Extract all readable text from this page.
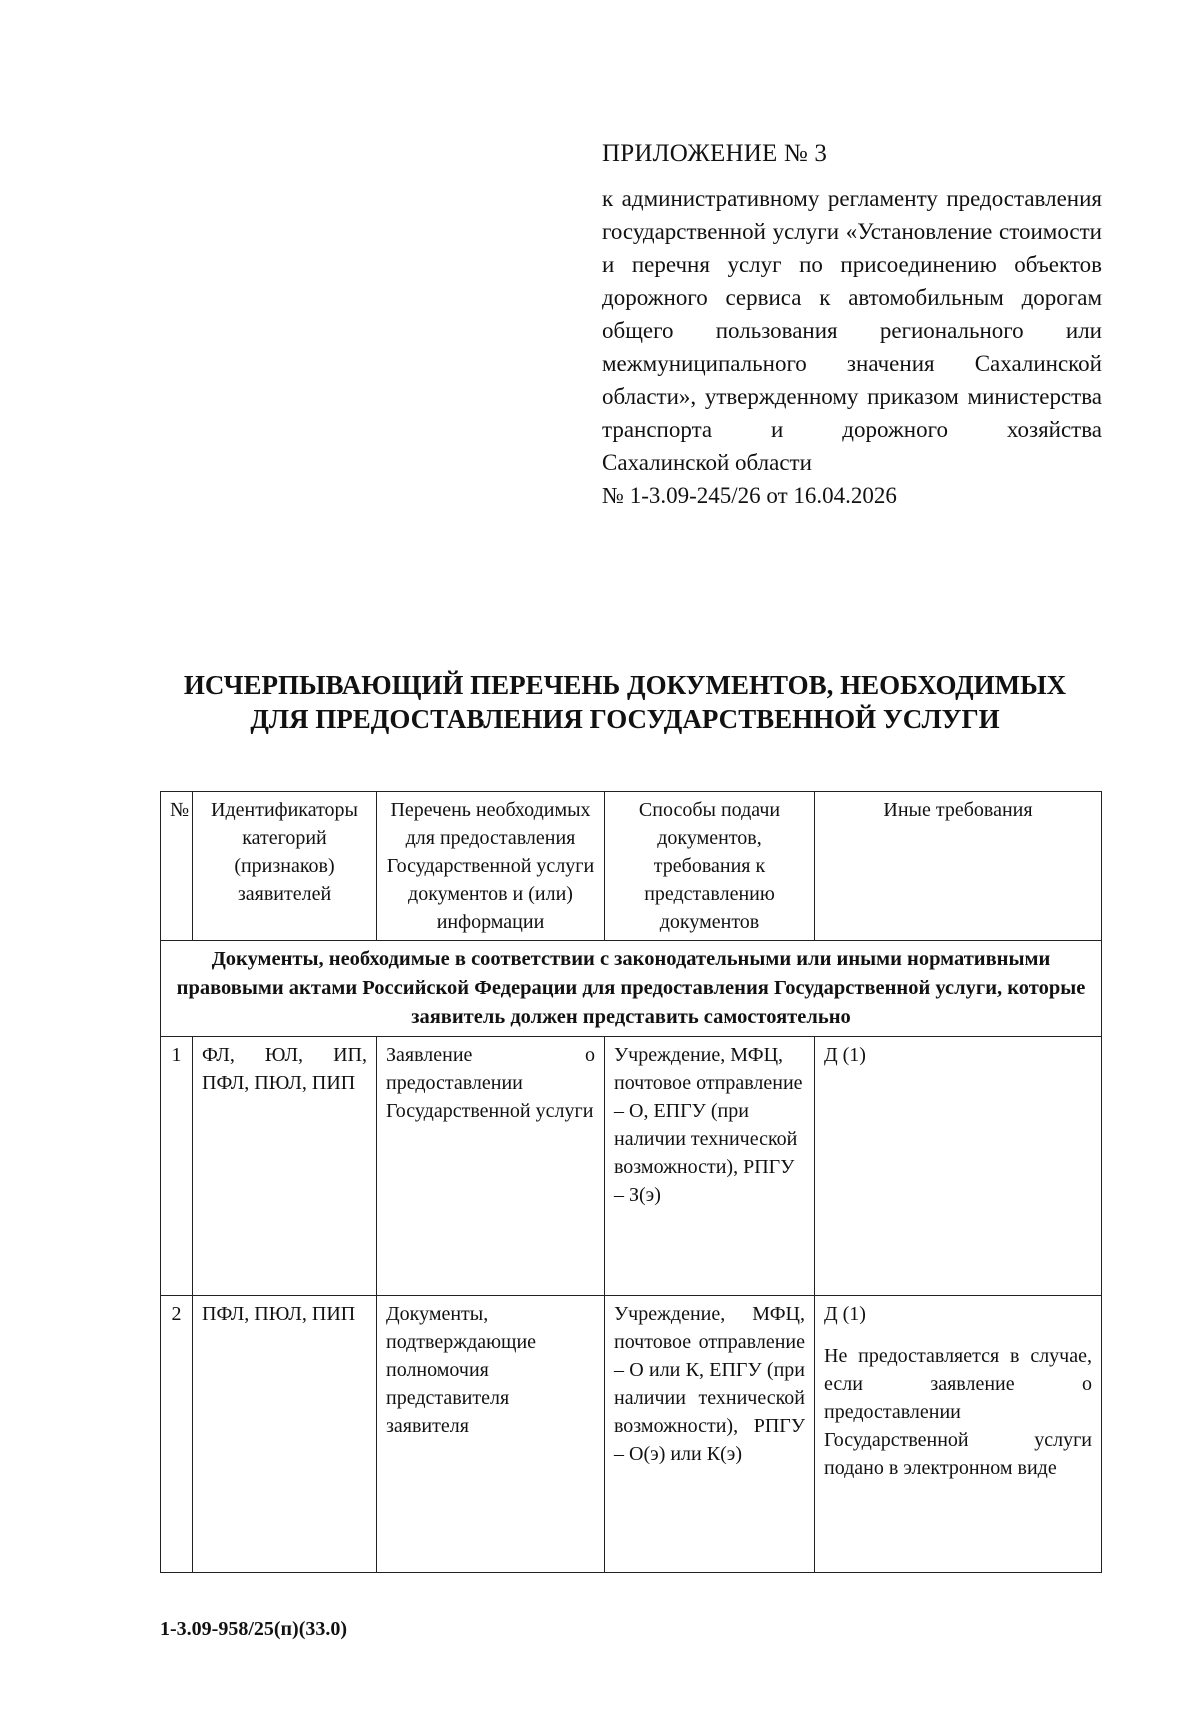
ПРИЛОЖЕНИЕ № 3
к административному регламенту предоставления государственной услуги «Установление стоимости и перечня услуг по присоединению объектов дорожного сервиса к автомобильным дорогам общего пользования регионального или межмуниципального значения Сахалинской области», утвержденному приказом министерства транспорта и дорожного хозяйства
Сахалинской области
№ 1-3.09-245/26 от 16.04.2026
ИСЧЕРПЫВАЮЩИЙ ПЕРЕЧЕНЬ ДОКУМЕНТОВ, НЕОБХОДИМЫХ
ДЛЯ ПРЕДОСТАВЛЕНИЯ ГОСУДАРСТВЕННОЙ УСЛУГИ
№	Идентификаторы категорий (признаков) заявителей	Перечень необходимых для предоставления Государственной услуги документов и (или) информации	Способы подачи документов, требования к представлению документов	Иные требования
Документы, необходимые в соответствии с законодательными или иными нормативными правовыми актами Российской Федерации для предоставления Государственной услуги, которые заявитель должен представить самостоятельно				
1	ФЛ, ЮЛ, ИП, ПФЛ, ПЮЛ, ПИП	Заявление о предоставлении Государственной услуги	Учреждение, МФЦ, почтовое отправление – О, ЕПГУ (при наличии технической возможности), РПГУ – З(э)	Д (1)

2	ПФЛ, ПЮЛ, ПИП	Документы, подтверждающие полномочия представителя заявителя	Учреждение, МФЦ, почтовое отправление – О или К, ЕПГУ (при наличии технической возможности), РПГУ – О(э) или К(э)	Д (1)
Не предоставляется в случае, если заявление о предоставлении Государственной услуги подано в электронном виде
1-3.09-958/25(п)(33.0)
